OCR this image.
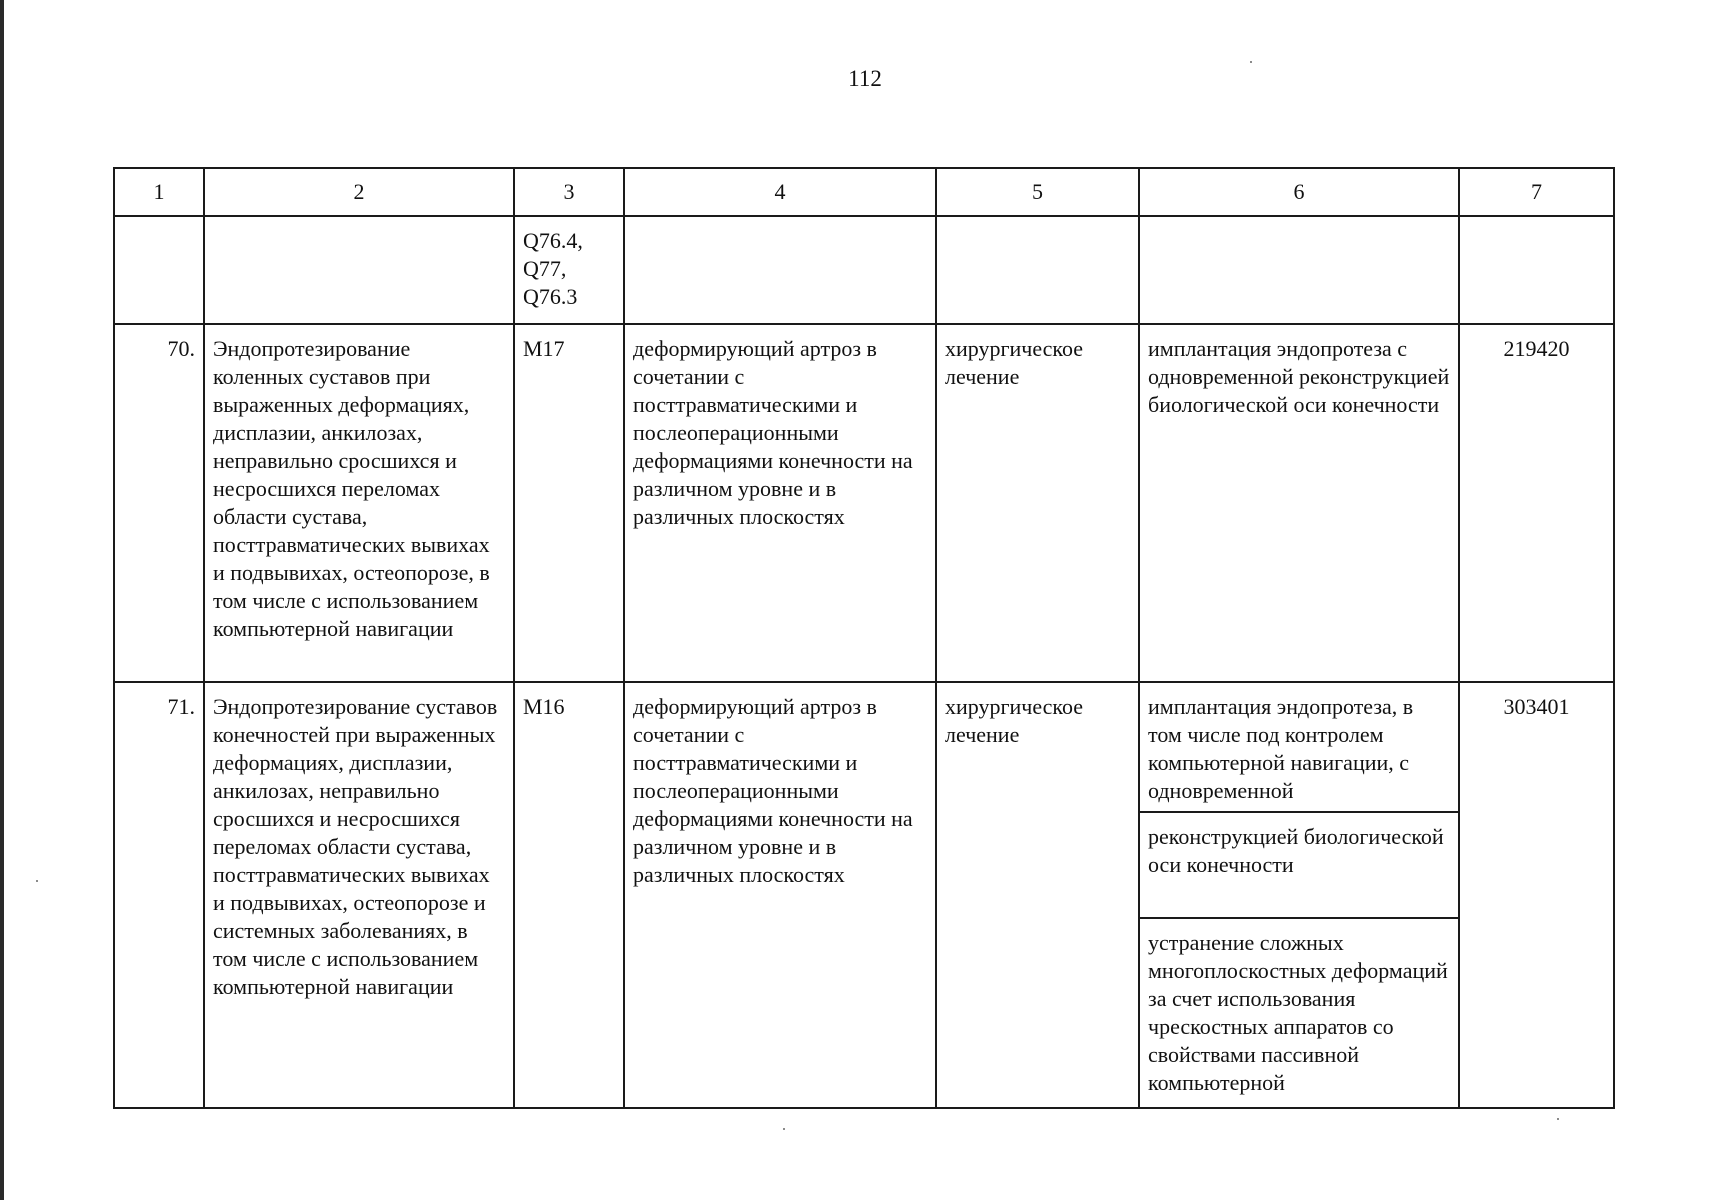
112
1	2	3	4	5	6	7

		Q76.4,
Q77,
Q76.3				

70.	Эндопротезирование коленных суставов при выраженных деформациях, дисплазии, анкилозах, неправильно сросшихся и несросшихся переломах области сустава, посттравматических вывихах и подвывихах, остеопорозе, в том числе с использованием компьютерной навигации	M17	деформирующий артроз в сочетании с посттравматическими и послеоперационными деформациями конечности на различном уровне и в различных плоскостях	хирургическое лечение	имплантация эндопротеза с одновременной реконструкцией биологической оси конечности	219420
71.	Эндопротезирование суставов конечностей при выраженных деформациях, дисплазии, анкилозах, неправильно сросшихся и несросшихся переломах области сустава, посттравматических вывихах и подвывихах, остеопорозе и системных заболеваниях, в том числе с использованием компьютерной навигации	M16	деформирующий артроз в сочетании с посттравматическими и послеоперационными деформациями конечности на различном уровне и в различных плоскостях	хирургическое лечение	имплантация эндопротеза, в том числе под контролем компьютерной навигации, с одновременной	303401
					реконструкцией биологической оси конечности	
					устранение сложных многоплоскостных деформаций за счет использования чрескостных аппаратов со свойствами пассивной компьютерной	
